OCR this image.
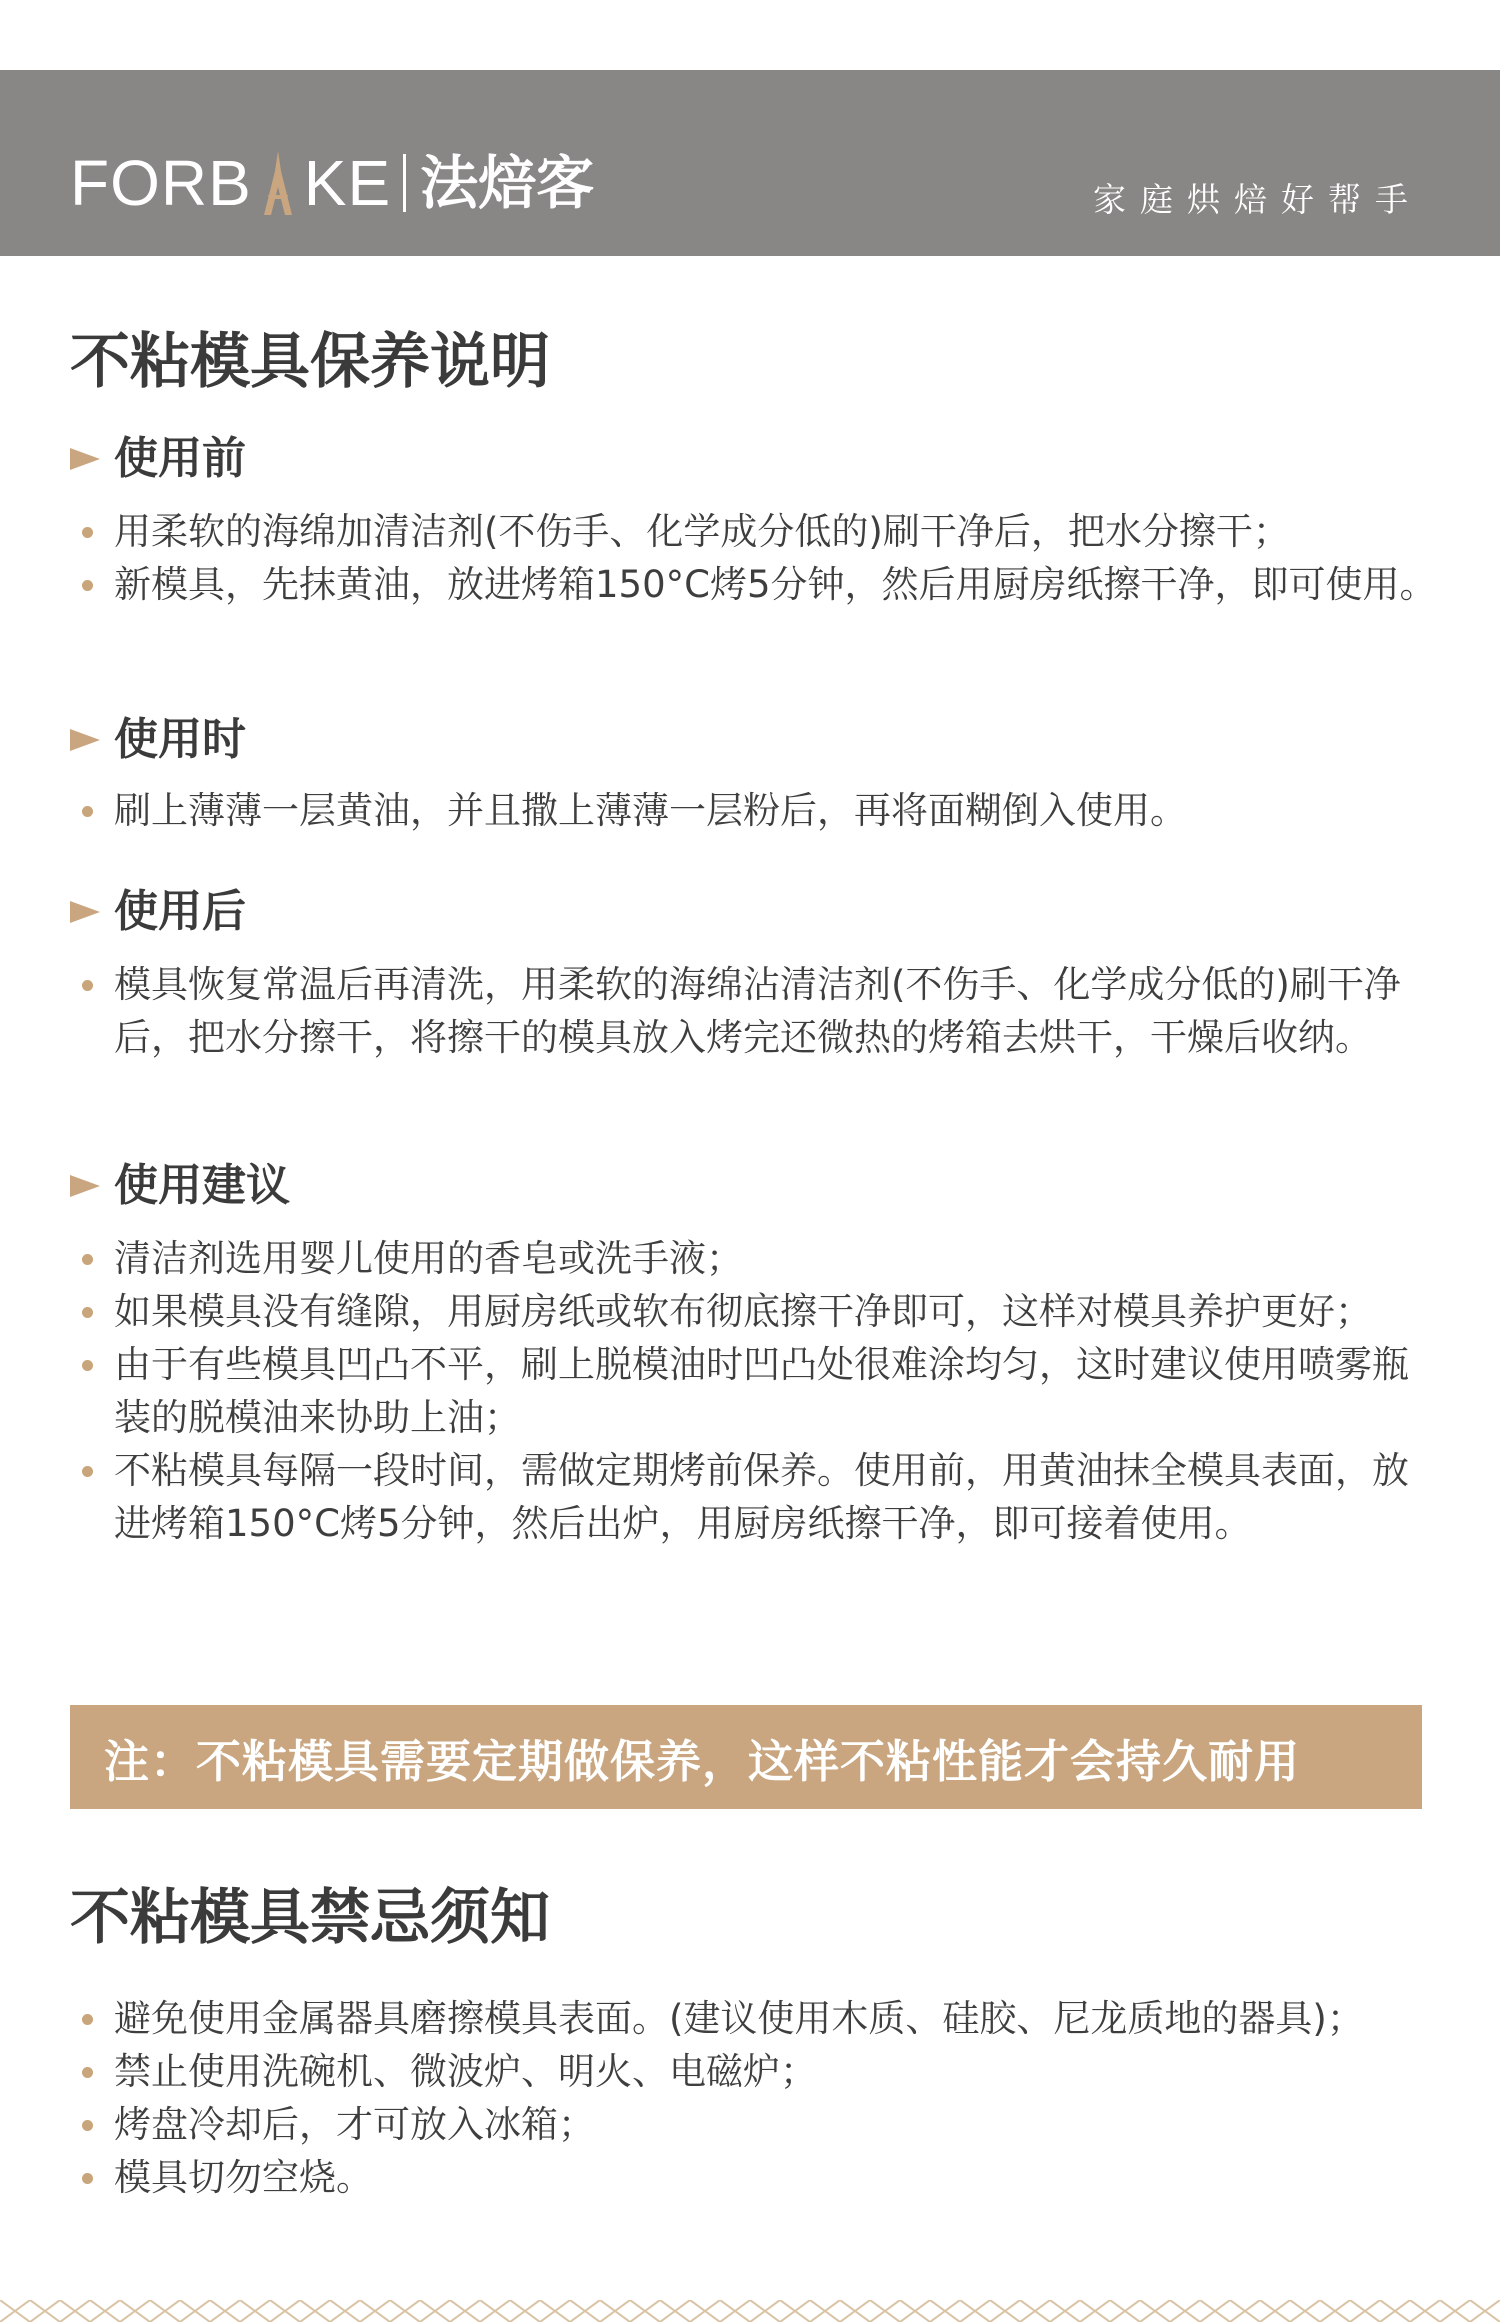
FORB KE 法焙客	家庭烘焙好帮手
不粘模具保养说明
使用前
用柔软的海绵加清洁剂(不伤手、化学成分低的)刷干净后，把水分擦干；
新模具，先抹黄油，放进烤箱150°C烤5分钟，然后用厨房纸擦干净，即可使用。
使用时
刷上薄薄一层黄油，并且撒上薄薄一层粉后，再将面糊倒入使用。
使用后
模具恢复常温后再清洗，用柔软的海绵沾清洁剂(不伤手、化学成分低的)刷干净后，把水分擦干，将擦干的模具放入烤完还微热的烤箱去烘干，干燥后收纳。
使用建议
清洁剂选用婴儿使用的香皂或洗手液；
如果模具没有缝隙，用厨房纸或软布彻底擦干净即可，这样对模具养护更好；
由于有些模具凹凸不平，刷上脱模油时凹凸处很难涂均匀，这时建议使用喷雾瓶装的脱模油来协助上油；
不粘模具每隔一段时间，需做定期烤前保养。使用前，用黄油抹全模具表面，放进烤箱150°C烤5分钟，然后出炉，用厨房纸擦干净，即可接着使用。
注：不粘模具需要定期做保养，这样不粘性能才会持久耐用
不粘模具禁忌须知
避免使用金属器具磨擦模具表面。(建议使用木质、硅胶、尼龙质地的器具)；
禁止使用洗碗机、微波炉、明火、电磁炉；
烤盘冷却后，才可放入冰箱；
模具切勿空烧。
